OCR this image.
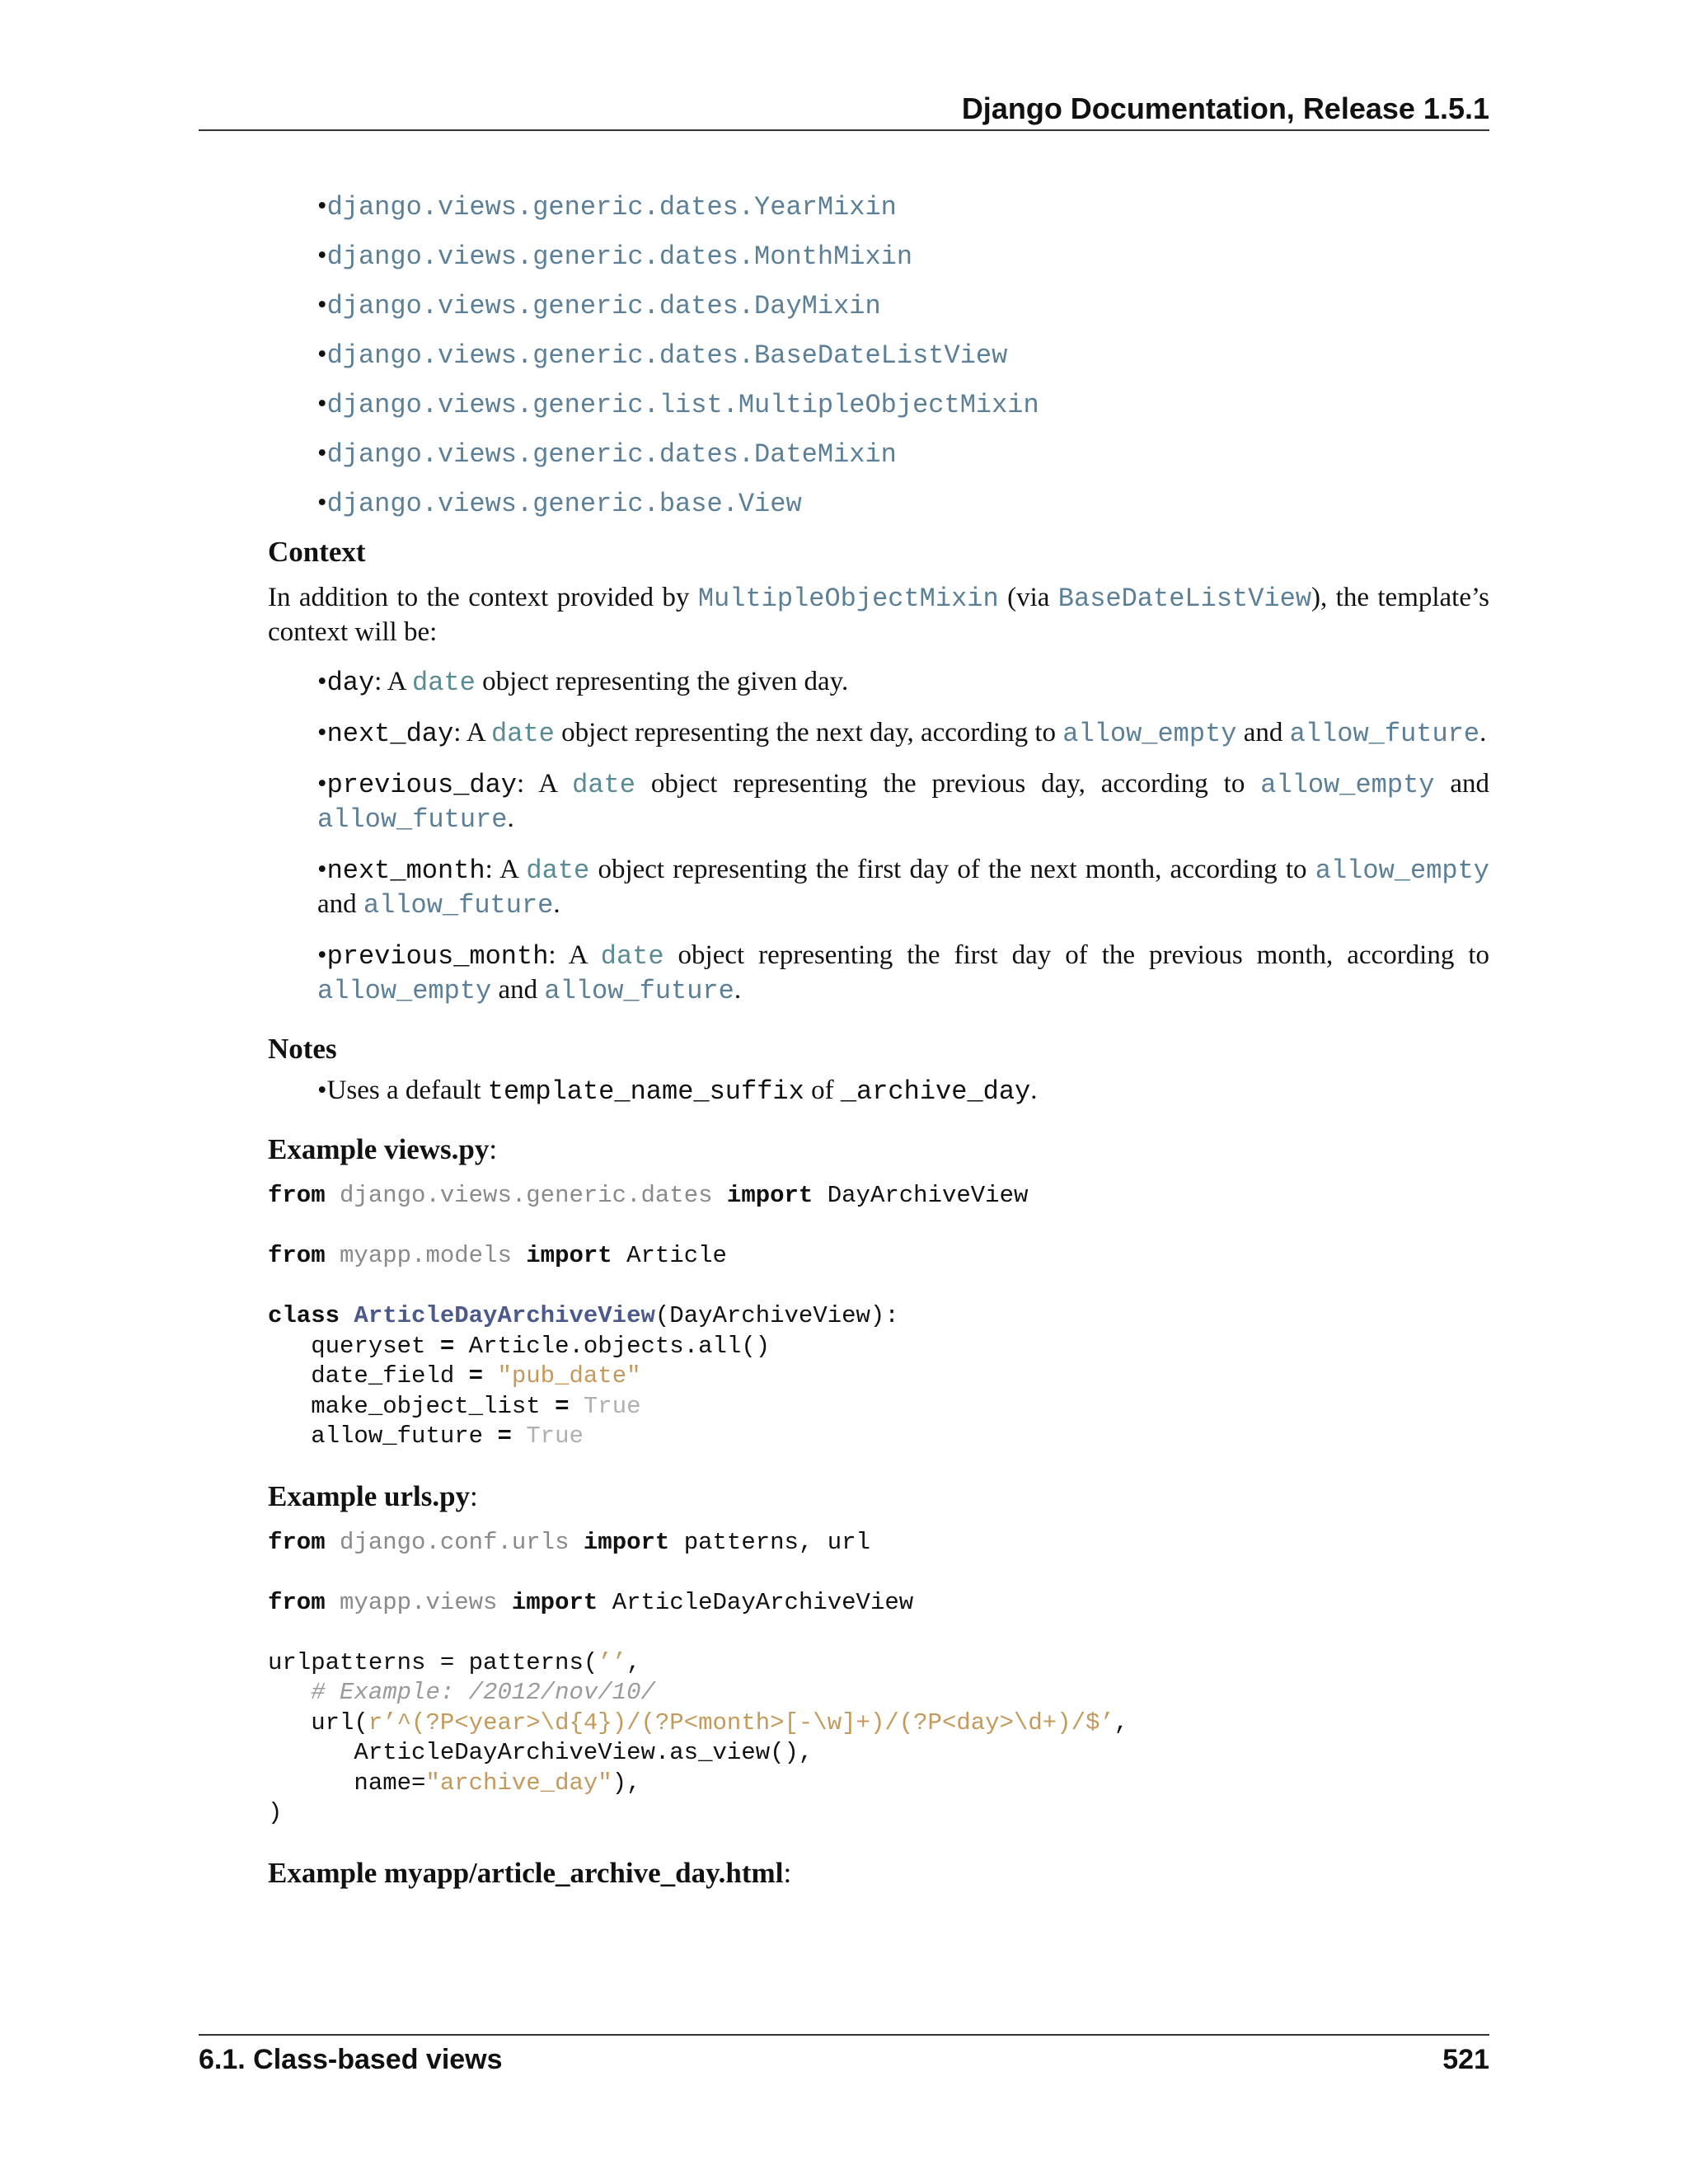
Django Documentation, Release 1.5.1
•django.views.generic.dates.YearMixin
•django.views.generic.dates.MonthMixin
•django.views.generic.dates.DayMixin
•django.views.generic.dates.BaseDateListView
•django.views.generic.list.MultipleObjectMixin
•django.views.generic.dates.DateMixin
•django.views.generic.base.View
Context
In addition to the context provided by MultipleObjectMixin (via BaseDateListView), the template’s context will be:
•day: A date object representing the given day.
•next_day: A date object representing the next day, according to allow_empty and allow_future.
•previous_day: A date object representing the previous day, according to allow_empty and allow_future.
•next_month: A date object representing the first day of the next month, according to allow_empty and allow_future.
•previous_month: A date object representing the first day of the previous month, according to allow_empty and allow_future.
Notes
•Uses a default template_name_suffix of _archive_day.
Example views.py:
from django.views.generic.dates import DayArchiveView

from myapp.models import Article

class ArticleDayArchiveView(DayArchiveView):
queryset = Article.objects.all()
date_field = "pub_date"
make_object_list = True
allow_future = True
Example urls.py:
from django.conf.urls import patterns, url

from myapp.views import ArticleDayArchiveView

urlpatterns = patterns(’’,
# Example: /2012/nov/10/
url(r’^(?P<year>\d{4})/(?P<month>[-\w]+)/(?P<day>\d+)/$’,
ArticleDayArchiveView.as_view(),
name="archive_day"),
)
Example myapp/article_archive_day.html:
6.1. Class-based views	521
